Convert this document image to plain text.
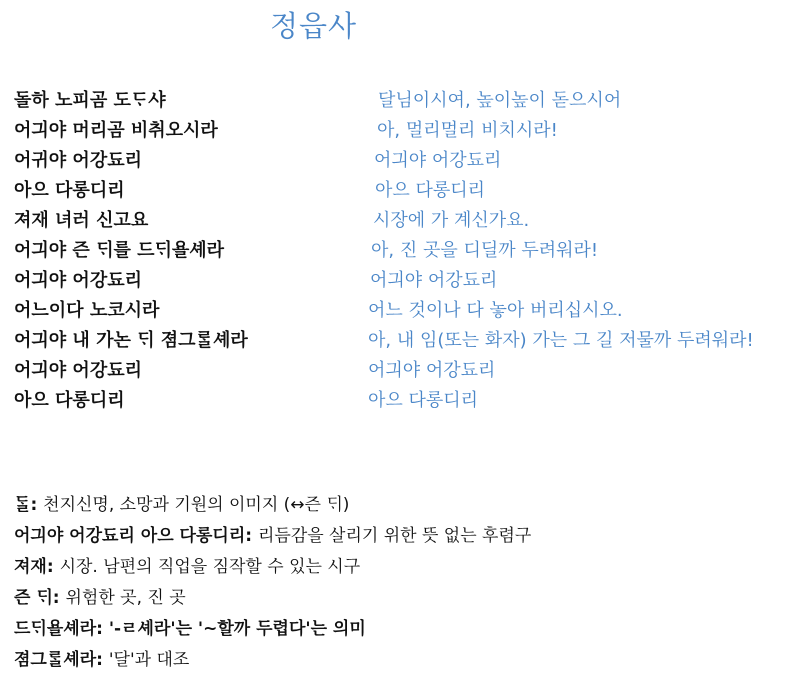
정읍사
돌하 노피곰 도ᄃᆞ샤	달님이시여, 높이높이 돋으시어
어긔야 머리곰 비취오시라	아, 멀리멀리 비치시라!
어귀야 어강됴리	어긔야 어강됴리
아으 다롱디리	아으 다롱디리
져재 녀러 신고요	시장에 가 계신가요.
어긔야 즌 ᄃᆡ를 드ᄃᆡ욜셰라	아, 진 곳을 디딜까 두려워라!
어긔야 어강됴리	어긔야 어강됴리
어느이다 노코시라	어느 것이나 다 놓아 버리십시오.
어긔야 내 가논 ᄃᆡ 졈그ᄅᆞᆯ셰라	아, 내 임(또는 화자) 가는 그 길 저물까 두려워라!
어긔야 어강됴리	어긔야 어강됴리
아으 다롱디리	아으 다롱디리
ᄃᆞᆯ: 천지신명, 소망과 기원의 이미지 (↔즌 ᄃᆡ)
어긔야 어강됴리 아으 다롱디리: 리듬감을 살리기 위한 뜻 없는 후렴구
져재: 시장. 남편의 직업을 짐작할 수 있는 시구
즌 ᄃᆡ: 위험한 곳, 진 곳
드ᄃᆡ욜셰라: '-ㄹ셰라'는 '~할까 두렵다'는 의미
졈그ᄅᆞᆯ셰라: '달'과 대조
